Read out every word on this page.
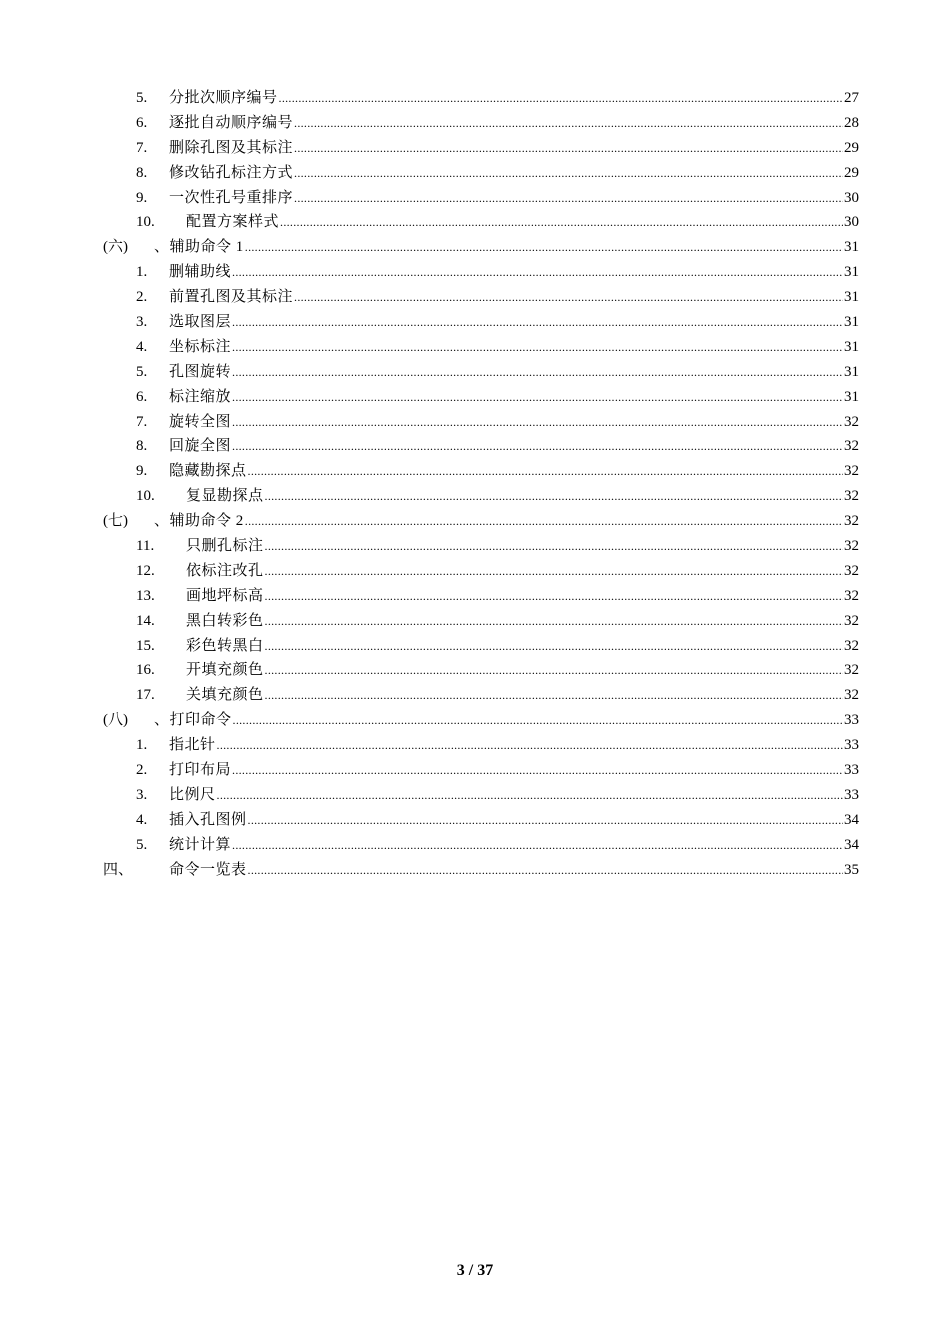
5. 分批次顺序编号 .....	27
6. 逐批自动顺序编号 .....	28
7. 删除孔图及其标注 .....	29
8. 修改钻孔标注方式 .....	29
9. 一次性孔号重排序 .....	30
10. 配置方案样式 .....	30
(六) 、辅助命令 1 .....	31
1. 删辅助线 .....	31
2. 前置孔图及其标注 .....	31
3. 选取图层 .....	31
4. 坐标标注 .....	31
5. 孔图旋转 .....	31
6. 标注缩放 .....	31
7. 旋转全图 .....	32
8. 回旋全图 .....	32
9. 隐藏勘探点 .....	32
10. 复显勘探点 .....	32
(七) 、辅助命令 2 .....	32
11. 只删孔标注 .....	32
12. 依标注改孔 .....	32
13. 画地坪标高 .....	32
14. 黑白转彩色 .....	32
15. 彩色转黑白 .....	32
16. 开填充颜色 .....	32
17. 关填充颜色 .....	32
(八) 、打印命令 .....	33
1. 指北针 .....	33
2. 打印布局 .....	33
3. 比例尺 .....	33
4. 插入孔图例 .....	34
5. 统计计算 .....	34
四、 命令一览表 .....	35
3 / 37
